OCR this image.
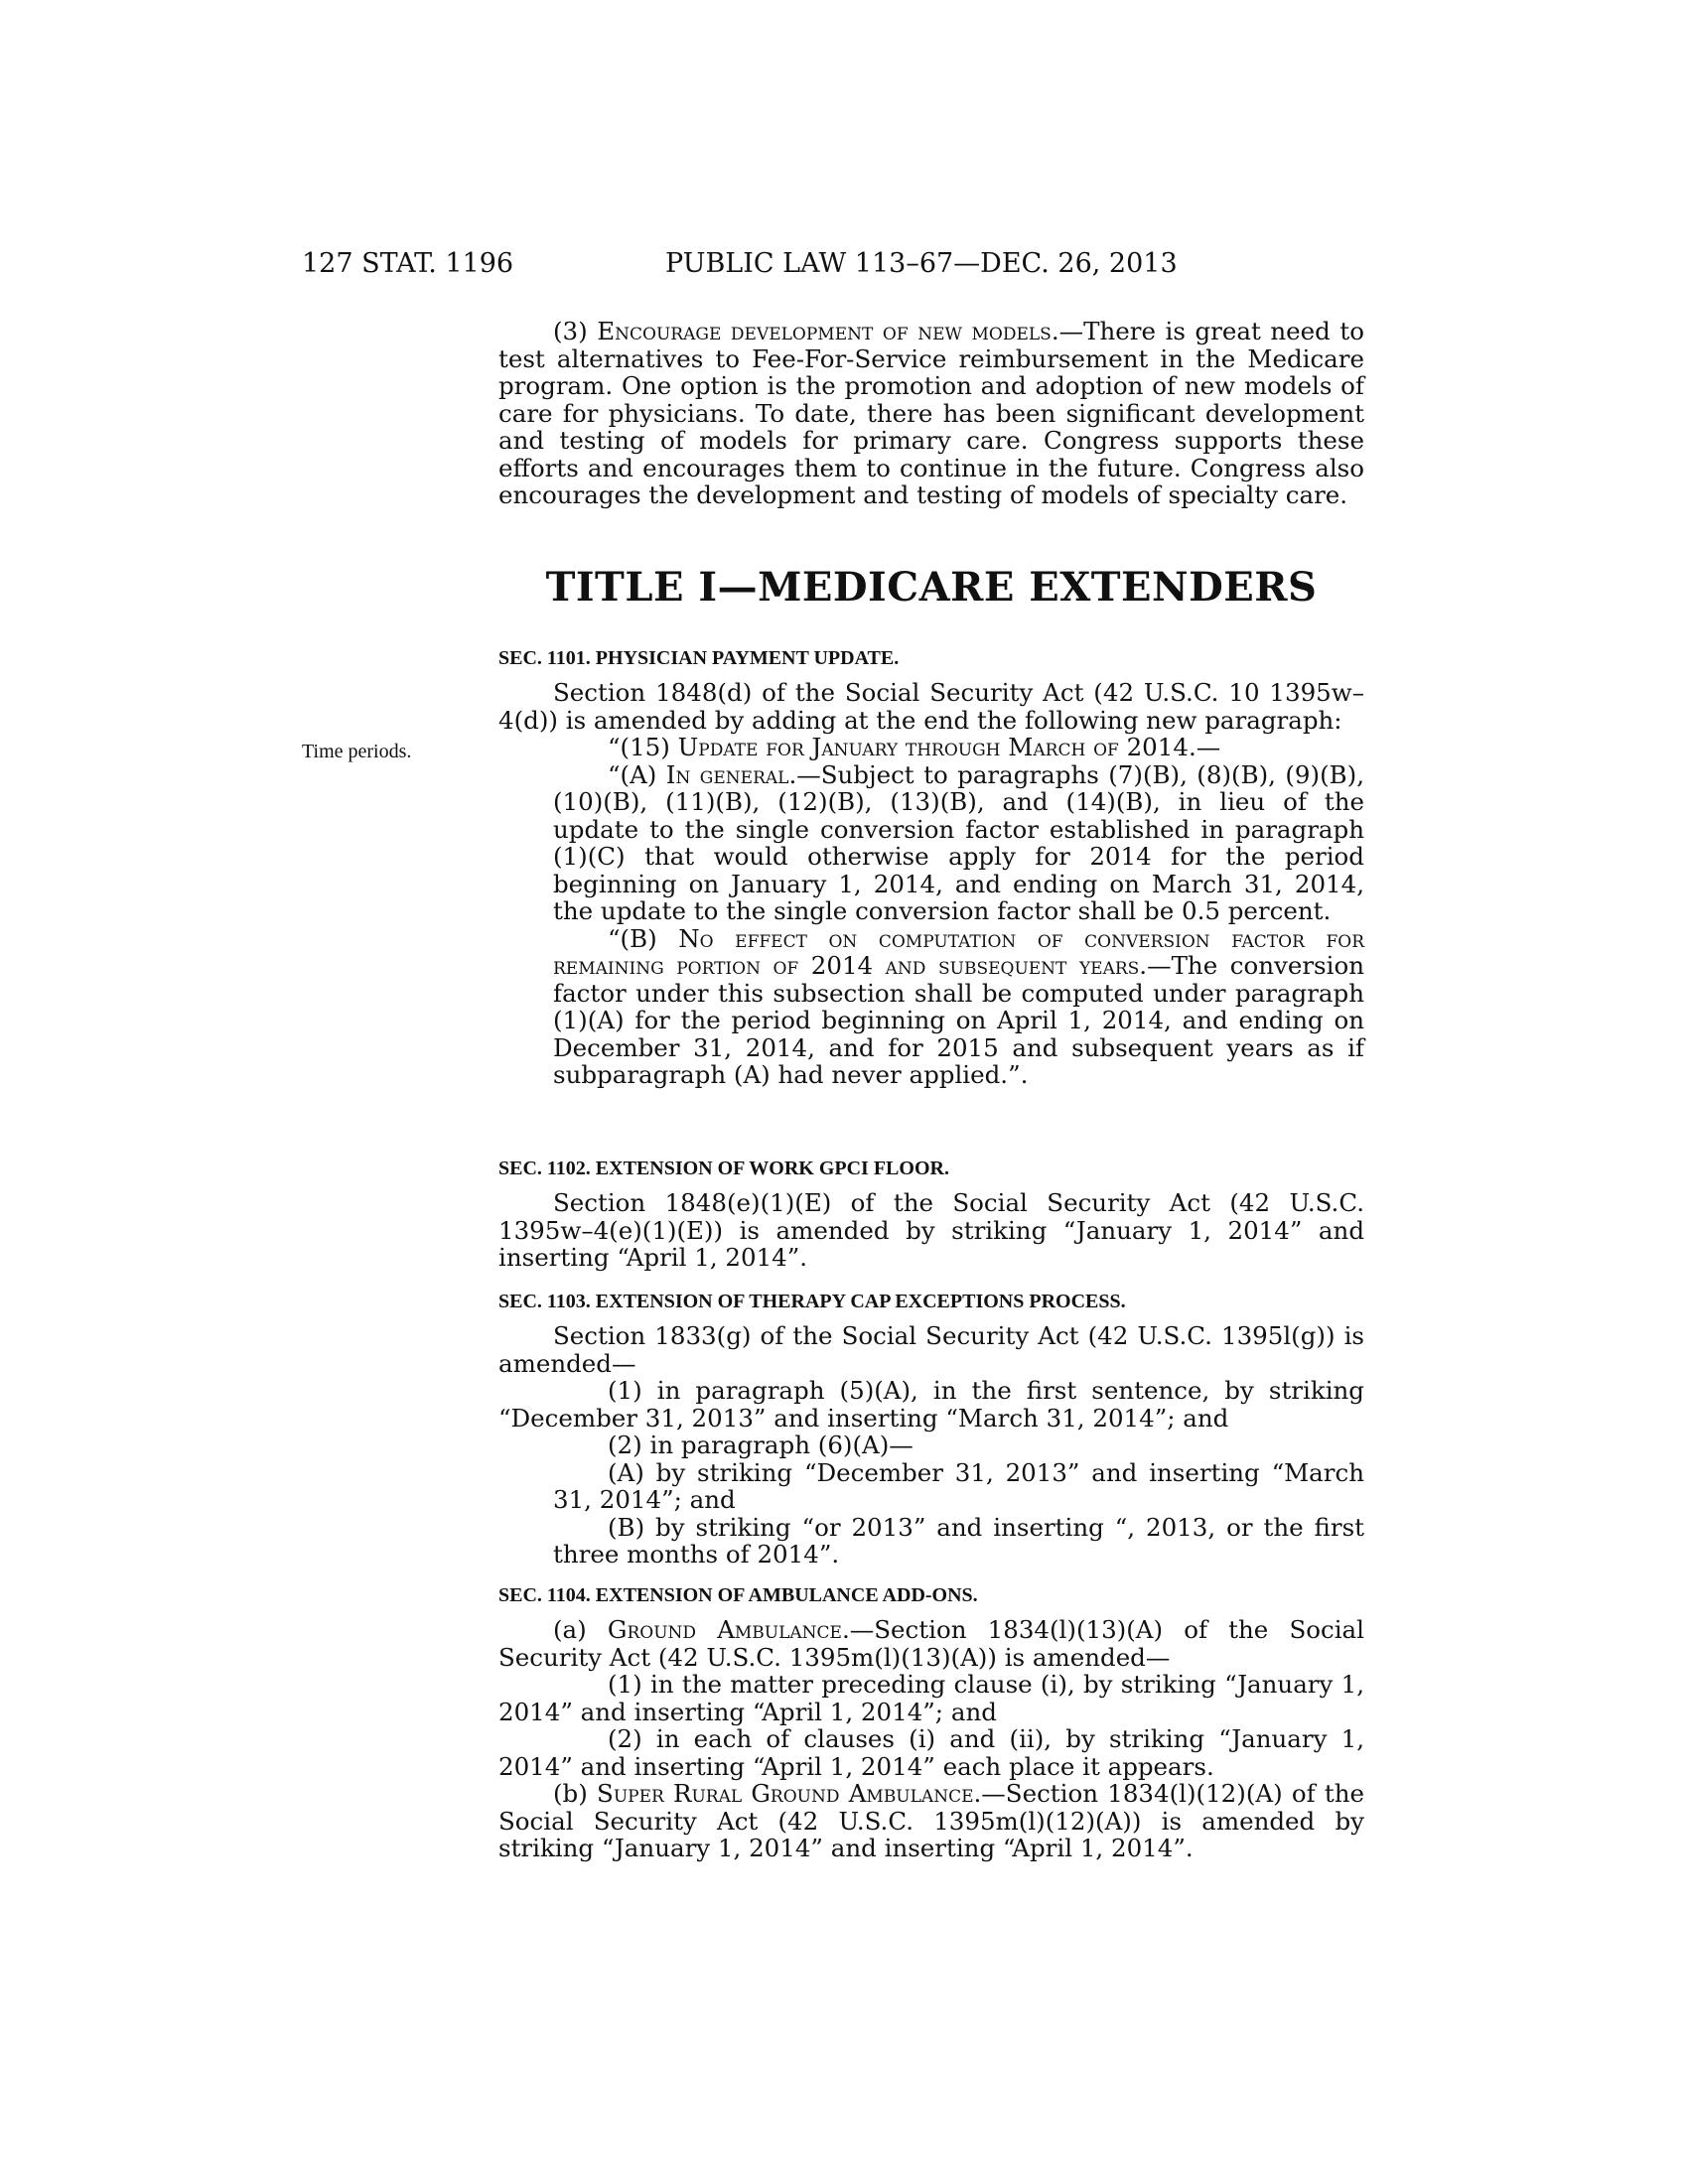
127 STAT. 1196	PUBLIC LAW 113–67—DEC. 26, 2013

(3) Encourage development of new models.—There is great need to test alternatives to Fee-For-Service reimbursement in the Medicare program. One option is the promotion and adoption of new models of care for physicians. To date, there has been significant development and testing of models for primary care. Congress supports these efforts and encourages them to continue in the future. Congress also encourages the development and testing of models of specialty care.

TITLE I—MEDICARE EXTENDERS
SEC. 1101. PHYSICIAN PAYMENT UPDATE.
Time periods.

Section 1848(d) of the Social Security Act (42 U.S.C. 10 1395w–4(d)) is amended by adding at the end the following new paragraph:

“(15) Update for January through March of 2014.—

“(A) In general.—Subject to paragraphs (7)(B), (8)(B), (9)(B), (10)(B), (11)(B), (12)(B), (13)(B), and (14)(B), in lieu of the update to the single conversion factor established in paragraph (1)(C) that would otherwise apply for 2014 for the period beginning on January 1, 2014, and ending on March 31, 2014, the update to the single conversion factor shall be 0.5 percent.

“(B) No effect on computation of conversion factor for remaining portion of 2014 and subsequent years.—The conversion factor under this subsection shall be computed under paragraph (1)(A) for the period beginning on April 1, 2014, and ending on December 31, 2014, and for 2015 and subsequent years as if subparagraph (A) had never applied.”.

SEC. 1102. EXTENSION OF WORK GPCI FLOOR.

Section 1848(e)(1)(E) of the Social Security Act (42 U.S.C. 1395w–4(e)(1)(E)) is amended by striking “January 1, 2014” and inserting “April 1, 2014”.

SEC. 1103. EXTENSION OF THERAPY CAP EXCEPTIONS PROCESS.

Section 1833(g) of the Social Security Act (42 U.S.C. 1395l(g)) is amended—

(1) in paragraph (5)(A), in the first sentence, by striking “December 31, 2013” and inserting “March 31, 2014”; and

(2) in paragraph (6)(A)—

(A) by striking “December 31, 2013” and inserting “March 31, 2014”; and

(B) by striking “or 2013” and inserting “, 2013, or the first three months of 2014”.

SEC. 1104. EXTENSION OF AMBULANCE ADD-ONS.

(a) Ground Ambulance.—Section 1834(l)(13)(A) of the Social Security Act (42 U.S.C. 1395m(l)(13)(A)) is amended—

(1) in the matter preceding clause (i), by striking “January 1, 2014” and inserting “April 1, 2014”; and

(2) in each of clauses (i) and (ii), by striking “January 1, 2014” and inserting “April 1, 2014” each place it appears.

(b) Super Rural Ground Ambulance.—Section 1834(l)(12)(A) of the Social Security Act (42 U.S.C. 1395m(l)(12)(A)) is amended by striking “January 1, 2014” and inserting “April 1, 2014”.
